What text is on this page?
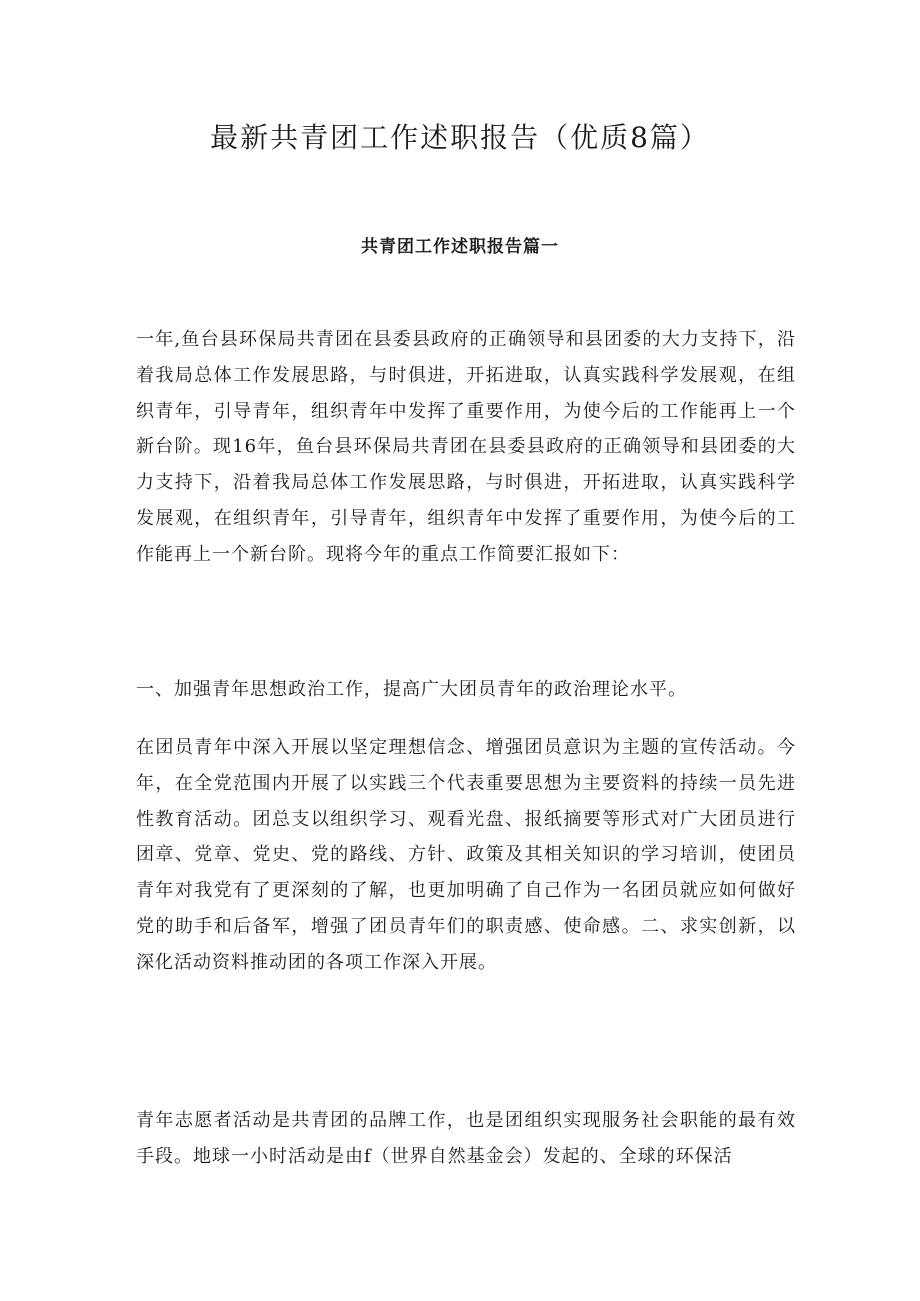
最新共青团工作述职报告（优质8篇）
共青团工作述职报告篇一

一年,鱼台县环保局共青团在县委县政府的正确领导和县团委的大力支持下，沿着我局总体工作发展思路，与时俱进，开拓进取，认真实践科学发展观，在组织青年，引导青年，组织青年中发挥了重要作用，为使今后的工作能再上一个新台阶。现16年，鱼台县环保局共青团在县委县政府的正确领导和县团委的大力支持下，沿着我局总体工作发展思路，与时俱进，开拓进取，认真实践科学发展观，在组织青年，引导青年，组织青年中发挥了重要作用，为使今后的工作能再上一个新台阶。现将今年的重点工作简要汇报如下：

一、加强青年思想政治工作，提高广大团员青年的政治理论水平。

在团员青年中深入开展以坚定理想信念、增强团员意识为主题的宣传活动。今年，在全党范围内开展了以实践三个代表重要思想为主要资料的持续一员先进性教育活动。团总支以组织学习、观看光盘、报纸摘要等形式对广大团员进行团章、党章、党史、党的路线、方针、政策及其相关知识的学习培训，使团员青年对我党有了更深刻的了解，也更加明确了自己作为一名团员就应如何做好党的助手和后备军，增强了团员青年们的职责感、使命感。二、求实创新，以深化活动资料推动团的各项工作深入开展。

青年志愿者活动是共青团的品牌工作，也是团组织实现服务社会职能的最有效手段。地球一小时活动是由f（世界自然基金会）发起的、全球的环保活
